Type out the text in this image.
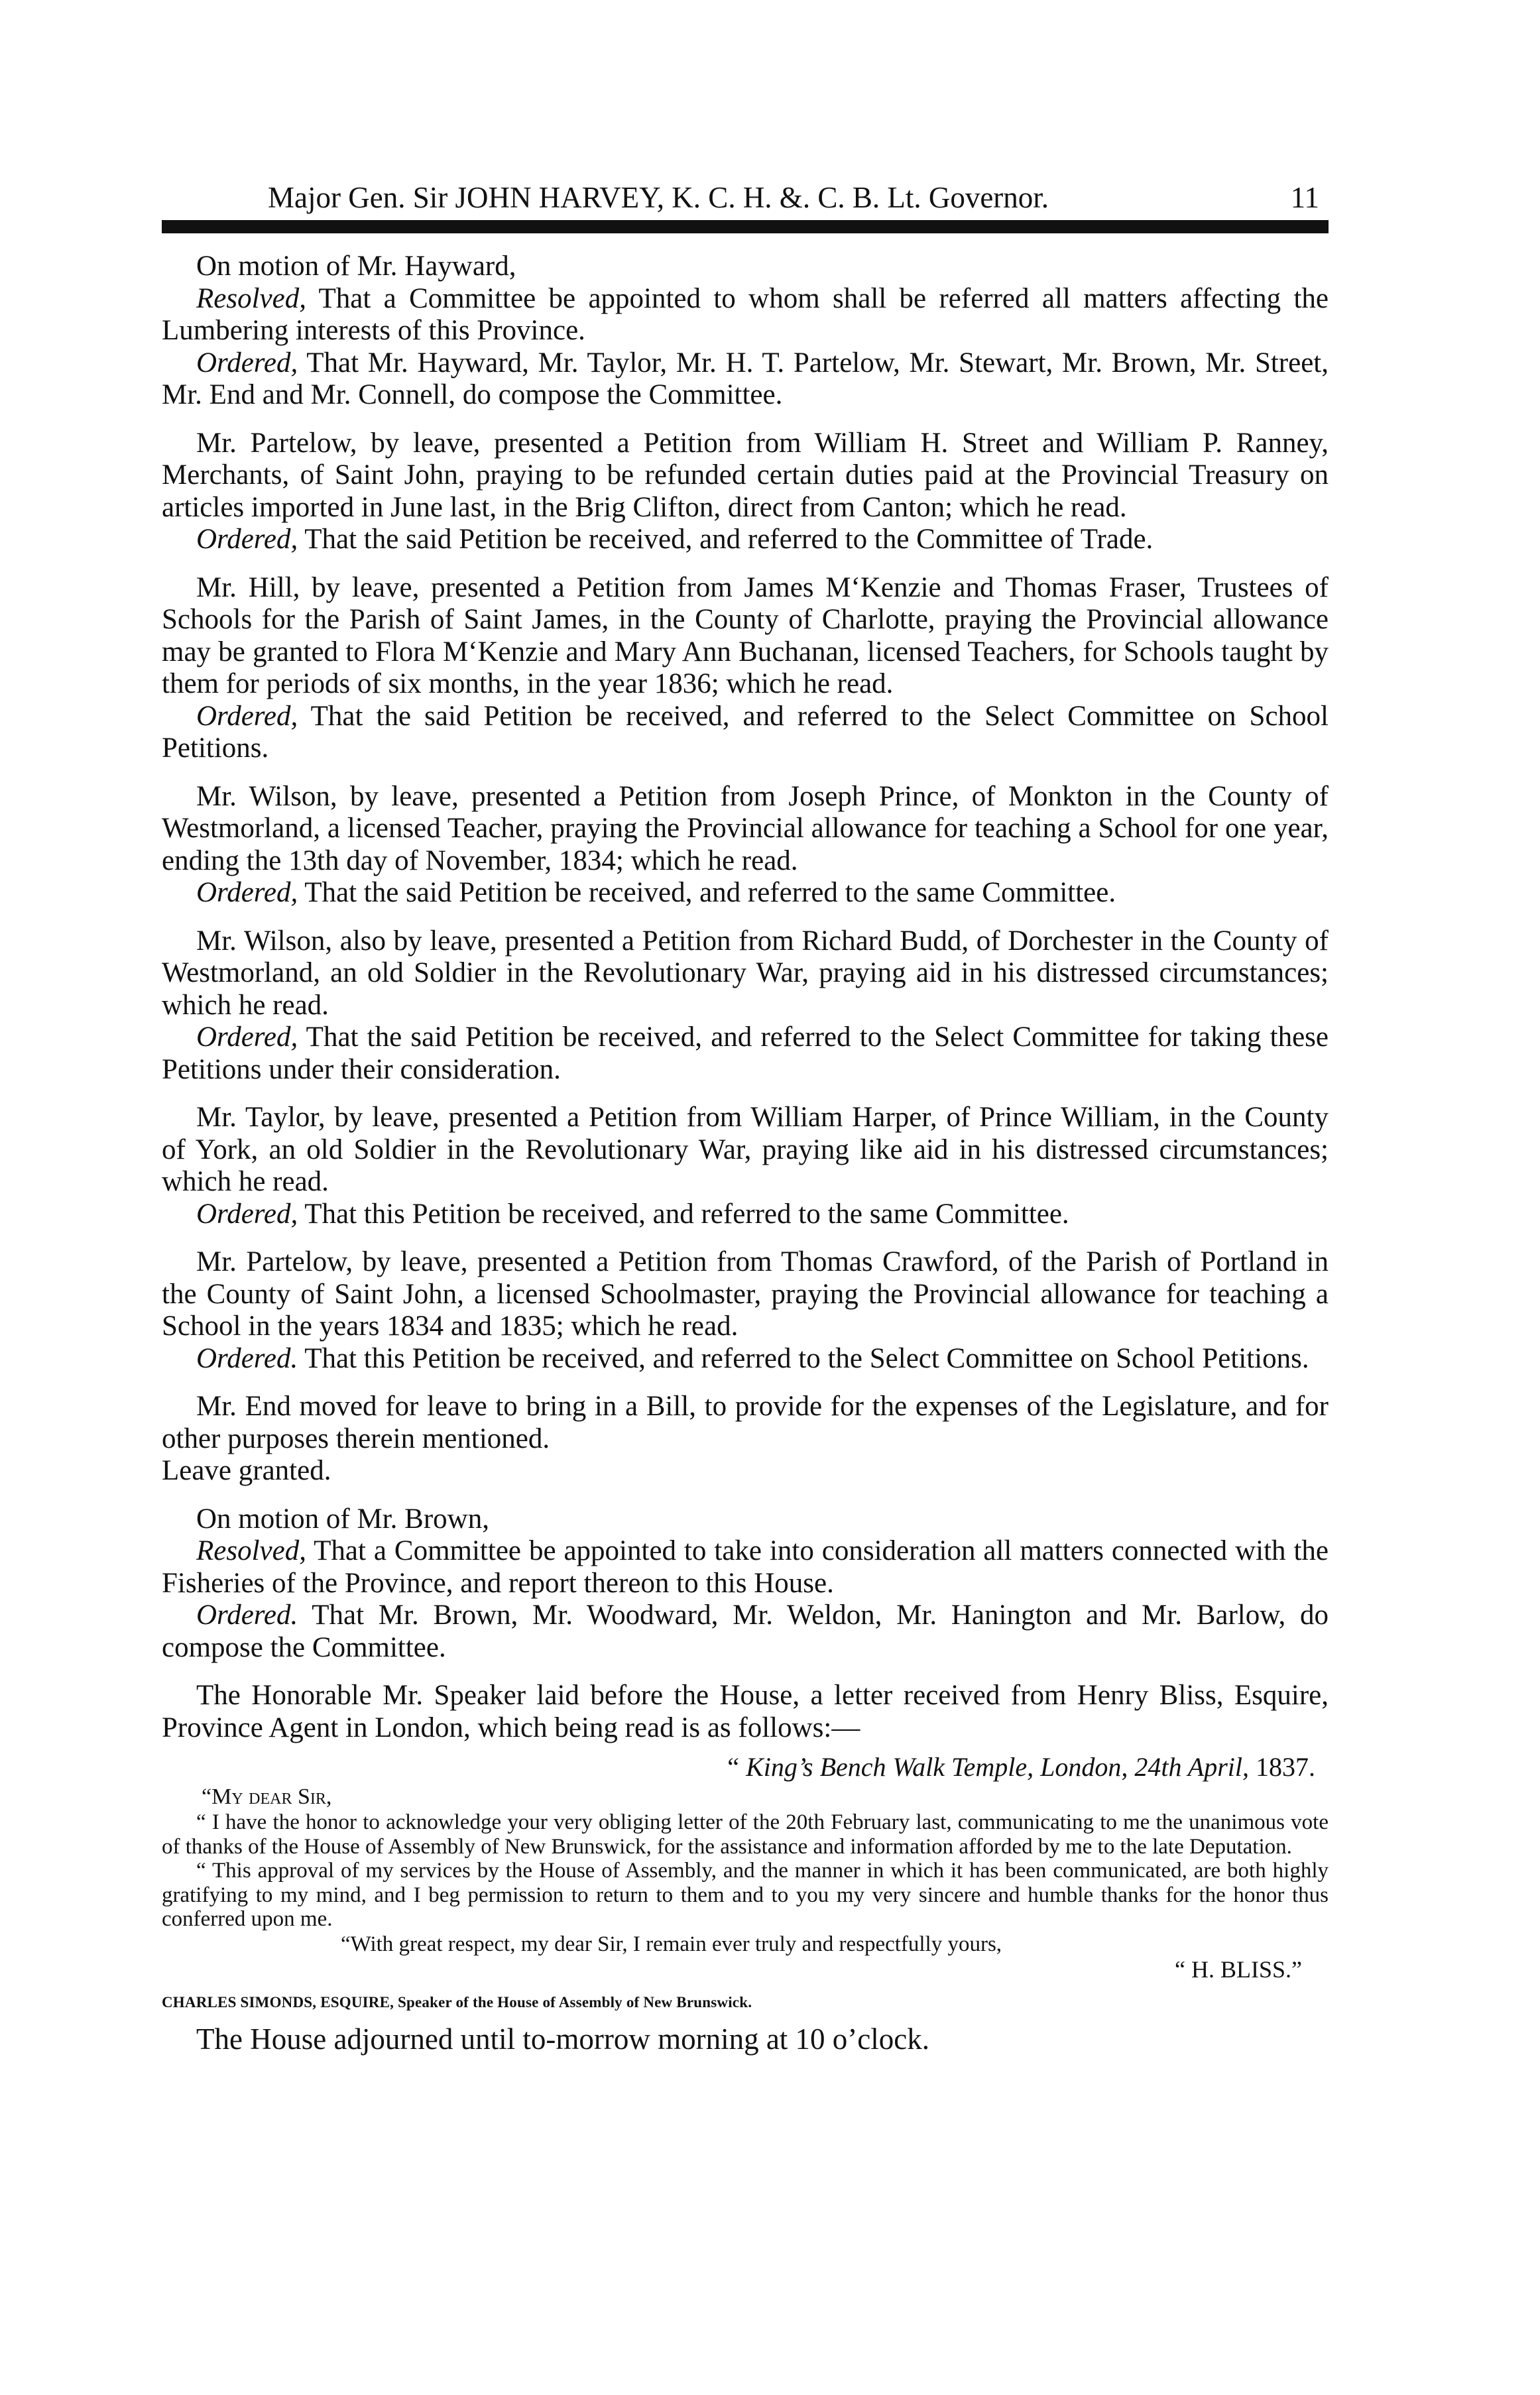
Major Gen. Sir JOHN HARVEY, K. C. H. &. C. B. Lt. Governor.	11

On motion of Mr. Hayward,

Resolved, That a Committee be appointed to whom shall be referred all matters affecting the Lumbering interests of this Province.

Ordered, That Mr. Hayward, Mr. Taylor, Mr. H. T. Partelow, Mr. Stewart, Mr. Brown, Mr. Street, Mr. End and Mr. Connell, do compose the Committee.

Mr. Partelow, by leave, presented a Petition from William H. Street and William P. Ranney, Merchants, of Saint John, praying to be refunded certain duties paid at the Provincial Treasury on articles imported in June last, in the Brig Clifton, direct from Canton; which he read.

Ordered, That the said Petition be received, and referred to the Committee of Trade.

Mr. Hill, by leave, presented a Petition from James M‘Kenzie and Thomas Fraser, Trustees of Schools for the Parish of Saint James, in the County of Charlotte, praying the Provincial allowance may be granted to Flora M‘Kenzie and Mary Ann Buchanan, licensed Teachers, for Schools taught by them for periods of six months, in the year 1836; which he read.

Ordered, That the said Petition be received, and referred to the Select Committee on School Petitions.

Mr. Wilson, by leave, presented a Petition from Joseph Prince, of Monkton in the County of Westmorland, a licensed Teacher, praying the Provincial allowance for teaching a School for one year, ending the 13th day of November, 1834; which he read.

Ordered, That the said Petition be received, and referred to the same Committee.

Mr. Wilson, also by leave, presented a Petition from Richard Budd, of Dorchester in the County of Westmorland, an old Soldier in the Revolutionary War, praying aid in his distressed circumstances; which he read.

Ordered, That the said Petition be received, and referred to the Select Committee for taking these Petitions under their consideration.

Mr. Taylor, by leave, presented a Petition from William Harper, of Prince William, in the County of York, an old Soldier in the Revolutionary War, praying like aid in his distressed circumstances; which he read.

Ordered, That this Petition be received, and referred to the same Committee.

Mr. Partelow, by leave, presented a Petition from Thomas Crawford, of the Parish of Portland in the County of Saint John, a licensed Schoolmaster, praying the Provincial allowance for teaching a School in the years 1834 and 1835; which he read.

Ordered. That this Petition be received, and referred to the Select Committee on School Petitions.

Mr. End moved for leave to bring in a Bill, to provide for the expenses of the Legislature, and for other purposes therein mentioned.

Leave granted.

On motion of Mr. Brown,

Resolved, That a Committee be appointed to take into consideration all matters connected with the Fisheries of the Province, and report thereon to this House.

Ordered. That Mr. Brown, Mr. Woodward, Mr. Weldon, Mr. Hanington and Mr. Barlow, do compose the Committee.

The Honorable Mr. Speaker laid before the House, a letter received from Henry Bliss, Esquire, Province Agent in London, which being read is as follows:—

“ King’s Bench Walk Temple, London, 24th April, 1837.

“My dear Sir,

“ I have the honor to acknowledge your very obliging letter of the 20th February last, communicating to me the unanimous vote of thanks of the House of Assembly of New Brunswick, for the assistance and information afforded by me to the late Deputation.

“ This approval of my services by the House of Assembly, and the manner in which it has been communicated, are both highly gratifying to my mind, and I beg permission to return to them and to you my very sincere and humble thanks for the honor thus conferred upon me.

“With great respect, my dear Sir, I remain ever truly and respectfully yours,

“ H. BLISS.”

CHARLES SIMONDS, ESQUIRE, Speaker of the House of Assembly of New Brunswick.

The House adjourned until to-morrow morning at 10 o’clock.
